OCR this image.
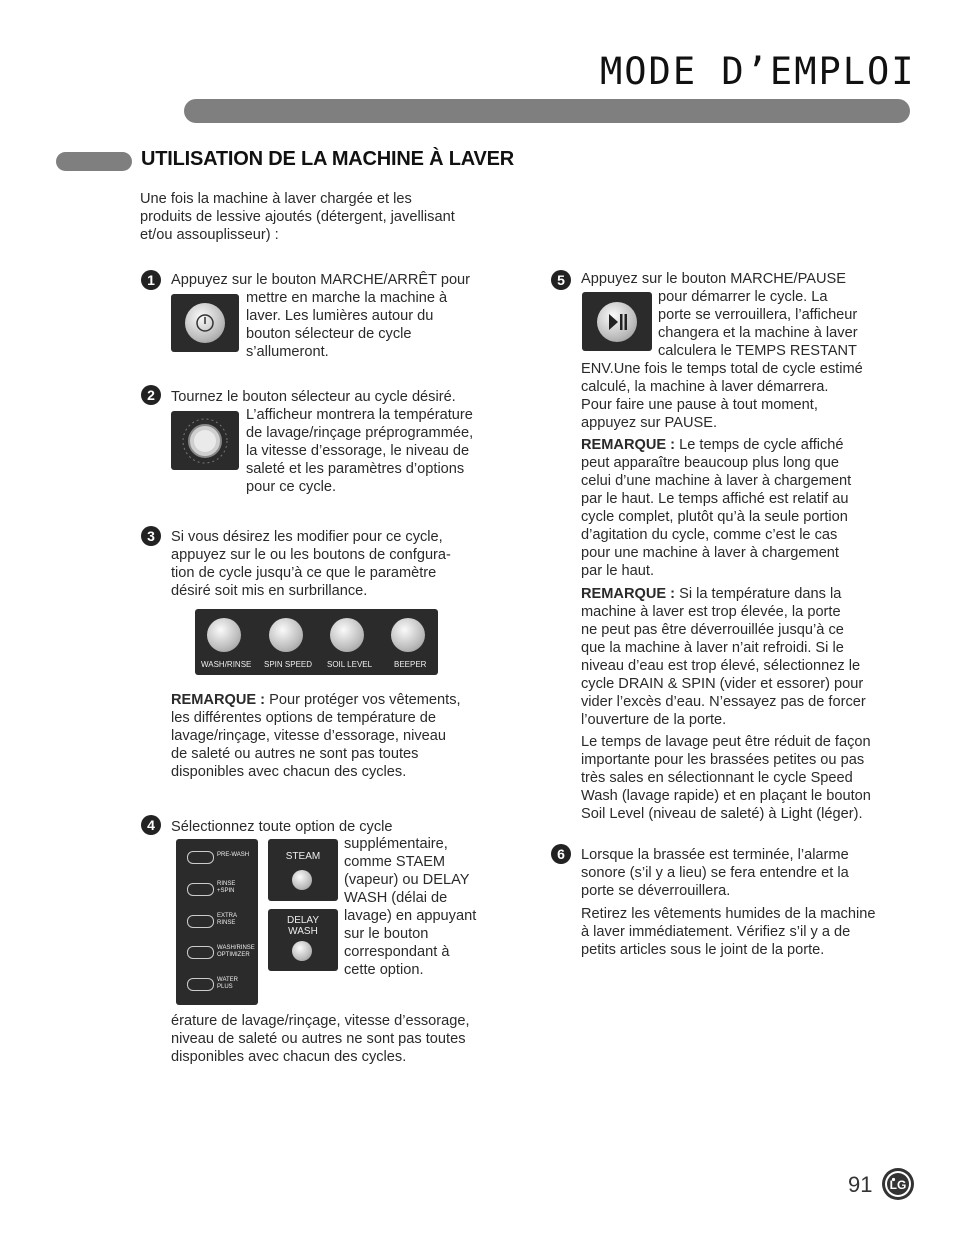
MODE D’EMPLOI
UTILISATION DE LA MACHINE À LAVER
Une fois la machine à laver chargée et les
produits de lessive ajoutés (détergent, javellisant
et/ou assouplisseur) :
1	Appuyez sur le bouton MARCHE/ARRÊT pour
mettre en marche la machine à
laver. Les lumières autour du
bouton sélecteur de cycle
s’allumeront.
2	Tournez le bouton sélecteur au cycle désiré.
L’afficheur montrera la température
de lavage/rinçage préprogrammée,
la vitesse d’essorage, le niveau de
saleté et les paramètres d’options
pour ce cycle.
3	Si vous désirez les modifier pour ce cycle,
appuyez sur le ou les boutons de confgura-
tion de cycle jusqu’à ce que le paramètre
désiré soit mis en surbrillance.
WASH/RINSE SPIN SPEED SOIL LEVEL	BEEPER
REMARQUE : Pour protéger vos vêtements,
les différentes options de température de
lavage/rinçage, vitesse d’essorage, niveau
de saleté ou autres ne sont pas toutes
disponibles avec chacun des cycles.
4	Sélectionnez toute option de cycle
PRE-WASH
RINSE +SPIN
EXTRA RINSE
WASH/RINSE OPTIMIZER
WATER PLUS
STEAM
DELAY
WASH
supplémentaire,
comme STAEM
(vapeur) ou DELAY
WASH (délai de
lavage) en appuyant
sur le bouton
correspondant à
cette option.
érature de lavage/rinçage, vitesse d’essorage,
niveau de saleté ou autres ne sont pas toutes
disponibles avec chacun des cycles.
5	Appuyez sur le bouton MARCHE/PAUSE
pour démarrer le cycle. La
porte se verrouillera, l’afficheur
changera et la machine à laver
calculera le TEMPS RESTANT
ENV.Une fois le temps total de cycle estimé
calculé, la machine à laver démarrera.
Pour faire une pause à tout moment,
appuyez sur PAUSE.
REMARQUE : Le temps de cycle affiché
peut apparaître beaucoup plus long que
celui d’une machine à laver à chargement
par le haut. Le temps affiché est relatif au
cycle complet, plutôt qu’à la seule portion
d’agitation du cycle, comme c’est le cas
pour une machine à laver à chargement
par le haut.
REMARQUE : Si la température dans la
machine à laver est trop élevée, la porte
ne peut pas être déverrouillée jusqu’à ce
que la machine à laver n’ait refroidi. Si le
niveau d’eau est trop élevé, sélectionnez le
cycle DRAIN & SPIN (vider et essorer) pour
vider l’excès d’eau. N’essayez pas de forcer
l’ouverture de la porte.
Le temps de lavage peut être réduit de façon
importante pour les brassées petites ou pas
très sales en sélectionnant le cycle Speed
Wash (lavage rapide) et en plaçant le bouton
Soil Level (niveau de saleté) à Light (léger).
6	Lorsque la brassée est terminée, l’alarme
sonore (s’il y a lieu) se fera entendre et la
porte se déverrouillera.
Retirez les vêtements humides de la machine
à laver immédiatement. Vérifiez s’il y a de
petits articles sous le joint de la porte.
91 LG
